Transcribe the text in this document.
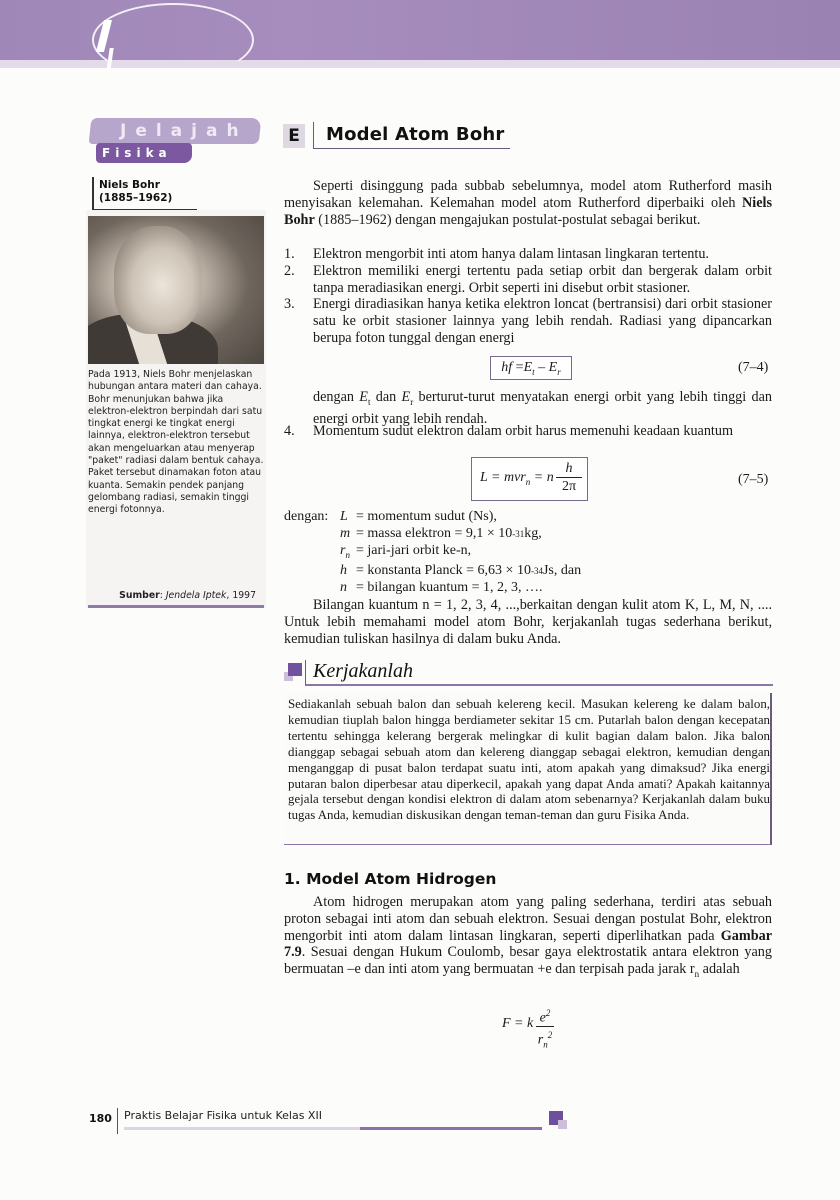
Jelajah
Fisika
Niels Bohr
(1885–1962)
Pada 1913, Niels Bohr menjelaskan hubungan antara materi dan cahaya. Bohr menunjukan bahwa jika elektron-elektron berpindah dari satu tingkat energi ke tingkat energi lainnya, elektron-elektron tersebut akan mengeluarkan atau menyerap "paket" radiasi dalam bentuk cahaya. Paket tersebut dinamakan foton atau kuanta. Semakin pendek panjang gelombang radiasi, semakin tinggi energi fotonnya.
Sumber: Jendela Iptek, 1997
E Model Atom Bohr
Seperti disinggung pada subbab sebelumnya, model atom Rutherford masih menyisakan kelemahan. Kelemahan model atom Rutherford diperbaiki oleh Niels Bohr (1885–1962) dengan mengajukan postulat-postulat sebagai berikut.
1.	Elektron mengorbit inti atom hanya dalam lintasan lingkaran tertentu.
2.	Elektron memiliki energi tertentu pada setiap orbit dan bergerak dalam orbit tanpa meradiasikan energi. Orbit seperti ini disebut orbit stasioner.
3.	Energi diradiasikan hanya ketika elektron loncat (bertransisi) dari orbit stasioner satu ke orbit stasioner lainnya yang lebih rendah. Radiasi yang dipancarkan berupa foton tunggal dengan energi
hf $=E_t - E_r$	(7–4)
dengan $E_t$ dan $E_r$ berturut-turut menyatakan energi orbit yang lebih tinggi dan energi orbit yang lebih rendah.
4.	Momentum sudut elektron dalam orbit harus memenuhi keadaan kuantum
L = mvr$_n$ = n
h
2π	(7–5)
dengan: L = momentum sudut (Ns),
m = massa elektron = 9,1 × 10 -31 kg,
$r_n$ = jari-jari orbit ke-n,
h = konstanta Planck = 6,63 × 10 -34 Js, dan
n = bilangan kuantum = 1, 2, 3, ….
Bilangan kuantum n = 1, 2, 3, 4, ...,berkaitan dengan kulit atom K, L, M, N, .... Untuk lebih memahami model atom Bohr, kerjakanlah tugas sederhana berikut, kemudian tuliskan hasilnya di dalam buku Anda.
Kerjakanlah
Sediakanlah sebuah balon dan sebuah kelereng kecil. Masukan kelereng ke dalam balon, kemudian tiuplah balon hingga berdiameter sekitar 15 cm. Putarlah balon dengan kecepatan tertentu sehingga kelerang bergerak melingkar di kulit bagian dalam balon. Jika balon dianggap sebagai sebuah atom dan kelereng dianggap sebagai elektron, kemudian dengan menganggap di pusat balon terdapat suatu inti, atom apakah yang dimaksud? Jika energi putaran balon diperbesar atau diperkecil, apakah yang dapat Anda amati? Apakah kaitannya gejala tersebut dengan kondisi elektron di dalam atom sebenarnya? Kerjakanlah dalam buku tugas Anda, kemudian diskusikan dengan teman-teman dan guru Fisika Anda.
1. Model Atom Hidrogen
Atom hidrogen merupakan atom yang paling sederhana, terdiri atas sebuah proton sebagai inti atom dan sebuah elektron. Sesuai dengan postulat Bohr, elektron mengorbit inti atom dalam lintasan lingkaran, seperti diperlihatkan pada Gambar 7.9. Sesuai dengan Hukum Coulomb, besar gaya elektrostatik antara elektron yang bermuatan –e dan inti atom yang bermuatan +e dan terpisah pada jarak $r_n$ adalah
F = k $e^2$
$r_n^2$
180 Praktis Belajar Fisika untuk Kelas XII
